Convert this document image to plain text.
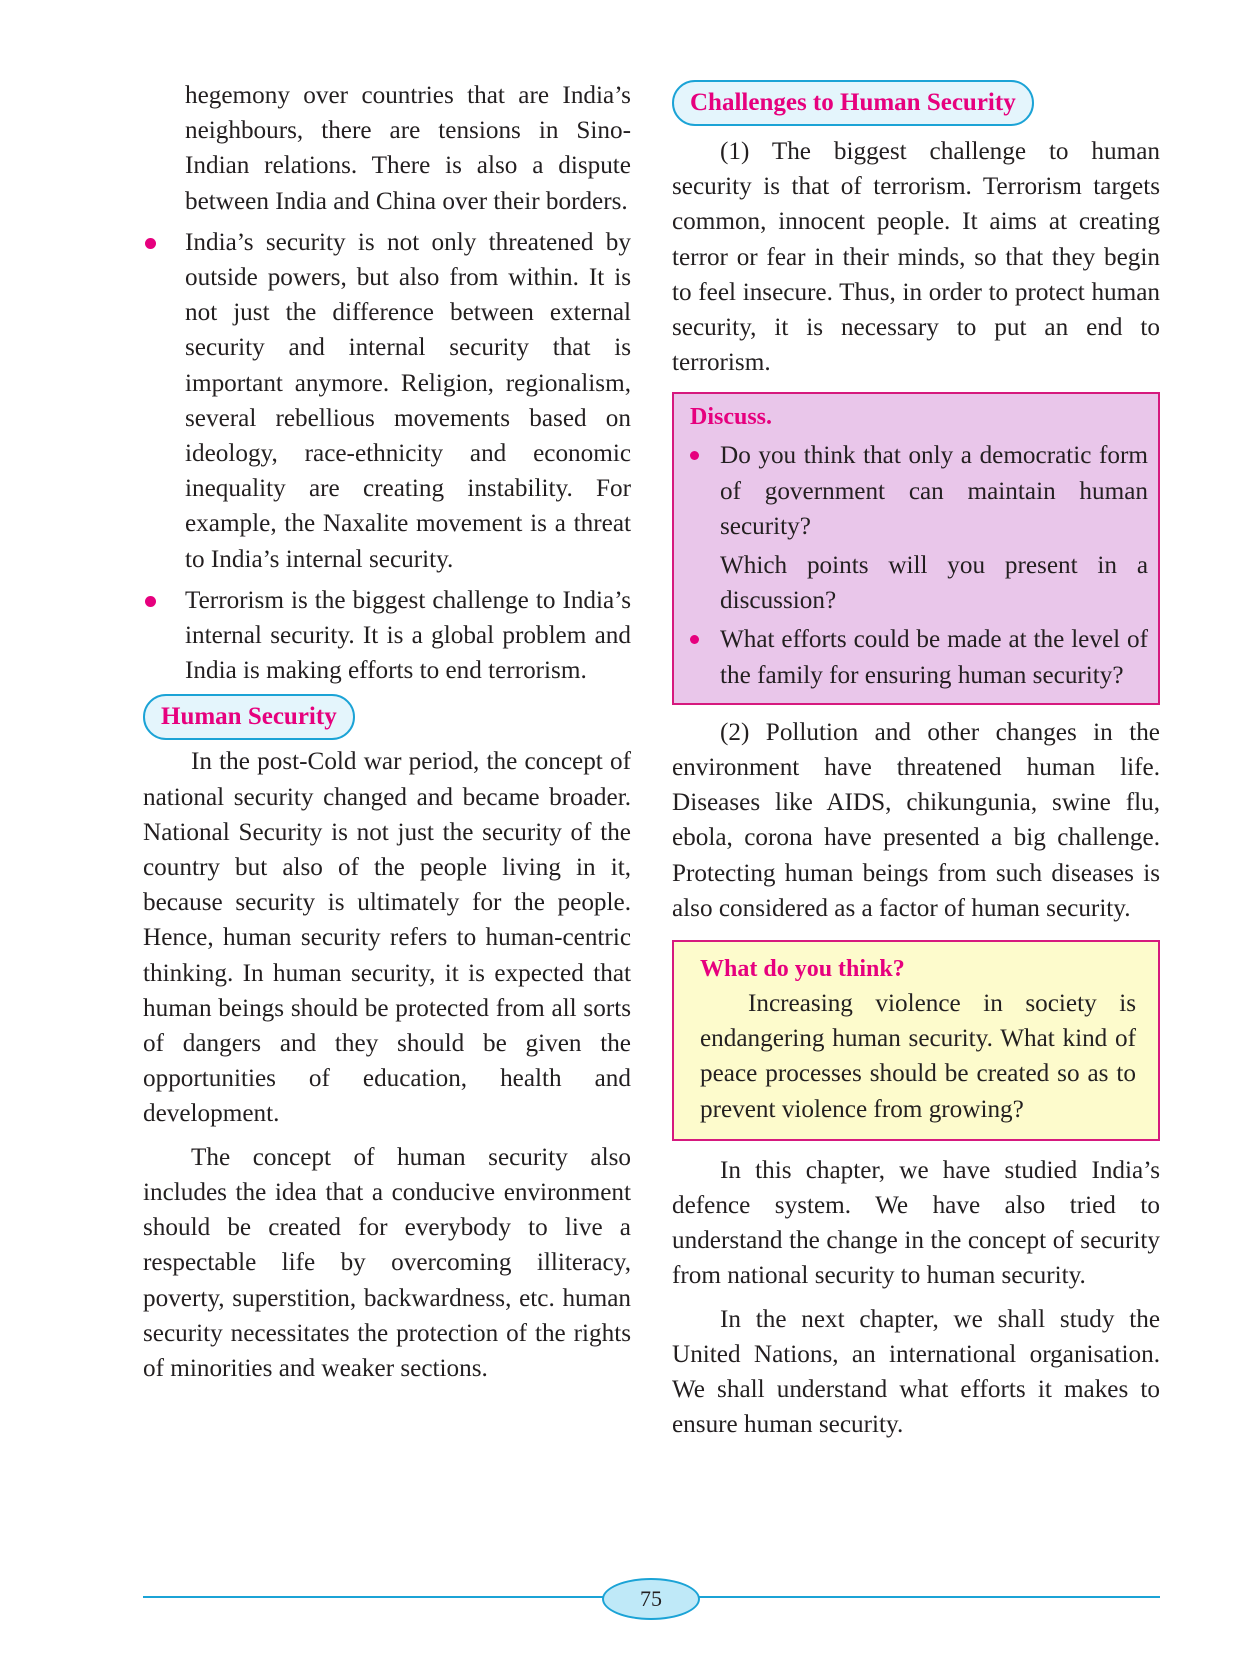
hegemony over countries that are India’s neighbours, there are tensions in Sino-Indian relations. There is also a dispute between India and China over their borders.

India’s security is not only threatened by outside powers, but also from within. It is not just the difference between external security and internal security that is important anymore. Religion, regionalism, several rebellious movements based on ideology, race-ethnicity and economic inequality are creating instability. For example, the Naxalite movement is a threat to India’s internal security.
Terrorism is the biggest challenge to India’s internal security. It is a global problem and India is making efforts to end terrorism.
Human Security

In the post-Cold war period, the concept of national security changed and became broader. National Security is not just the security of the country but also of the people living in it, because security is ultimately for the people. Hence, human security refers to human-centric thinking. In human security, it is expected that human beings should be protected from all sorts of dangers and they should be given the opportunities of education, health and development.

The concept of human security also includes the idea that a conducive environment should be created for everybody to live a respectable life by overcoming illiteracy, poverty, superstition, backwardness, etc. human security necessitates the protection of the rights of minorities and weaker sections.

Challenges to Human Security

(1) The biggest challenge to human security is that of terrorism. Terrorism targets common, innocent people. It aims at creating terror or fear in their minds, so that they begin to feel insecure. Thus, in order to protect human security, it is necessary to put an end to terrorism.

Discuss.
Do you think that only a democratic form of government can maintain human security?

Which points will you present in a discussion?

What efforts could be made at the level of the family for ensuring human security?

(2) Pollution and other changes in the environment have threatened human life. Diseases like AIDS, chikungunia, swine flu, ebola, corona have presented a big challenge. Protecting human beings from such diseases is also considered as a factor of human security.

What do you think?

Increasing violence in society is endangering human security. What kind of peace processes should be created so as to prevent violence from growing?

In this chapter, we have studied India’s defence system. We have also tried to understand the change in the concept of security from national security to human security.

In the next chapter, we shall study the United Nations, an international organisation. We shall understand what efforts it makes to ensure human security.

75
